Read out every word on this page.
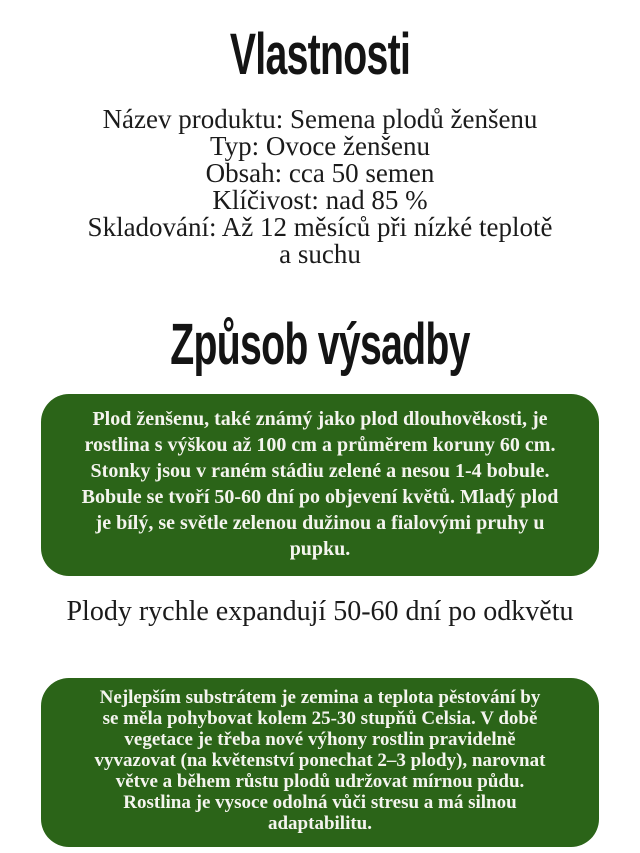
Vlastnosti
Název produktu: Semena plodů ženšenu
Typ: Ovoce ženšenu
Obsah: cca 50 semen
Klíčivost: nad 85 %
Skladování: Až 12 měsíců při nízké teplotě
a suchu
Způsob výsadby
Plod ženšenu, také známý jako plod dlouhověkosti, je
rostlina s výškou až 100 cm a průměrem koruny 60 cm.
Stonky jsou v raném stádiu zelené a nesou 1-4 bobule.
Bobule se tvoří 50-60 dní po objevení květů. Mladý plod
je bílý, se světle zelenou dužinou a fialovými pruhy u
pupku.
Plody rychle expandují 50-60 dní po odkvětu
Nejlepším substrátem je zemina a teplota pěstování by
se měla pohybovat kolem 25-30 stupňů Celsia. V době
vegetace je třeba nové výhony rostlin pravidelně
vyvazovat (na květenství ponechat 2–3 plody), narovnat
větve a během růstu plodů udržovat mírnou půdu.
Rostlina je vysoce odolná vůči stresu a má silnou
adaptabilitu.
